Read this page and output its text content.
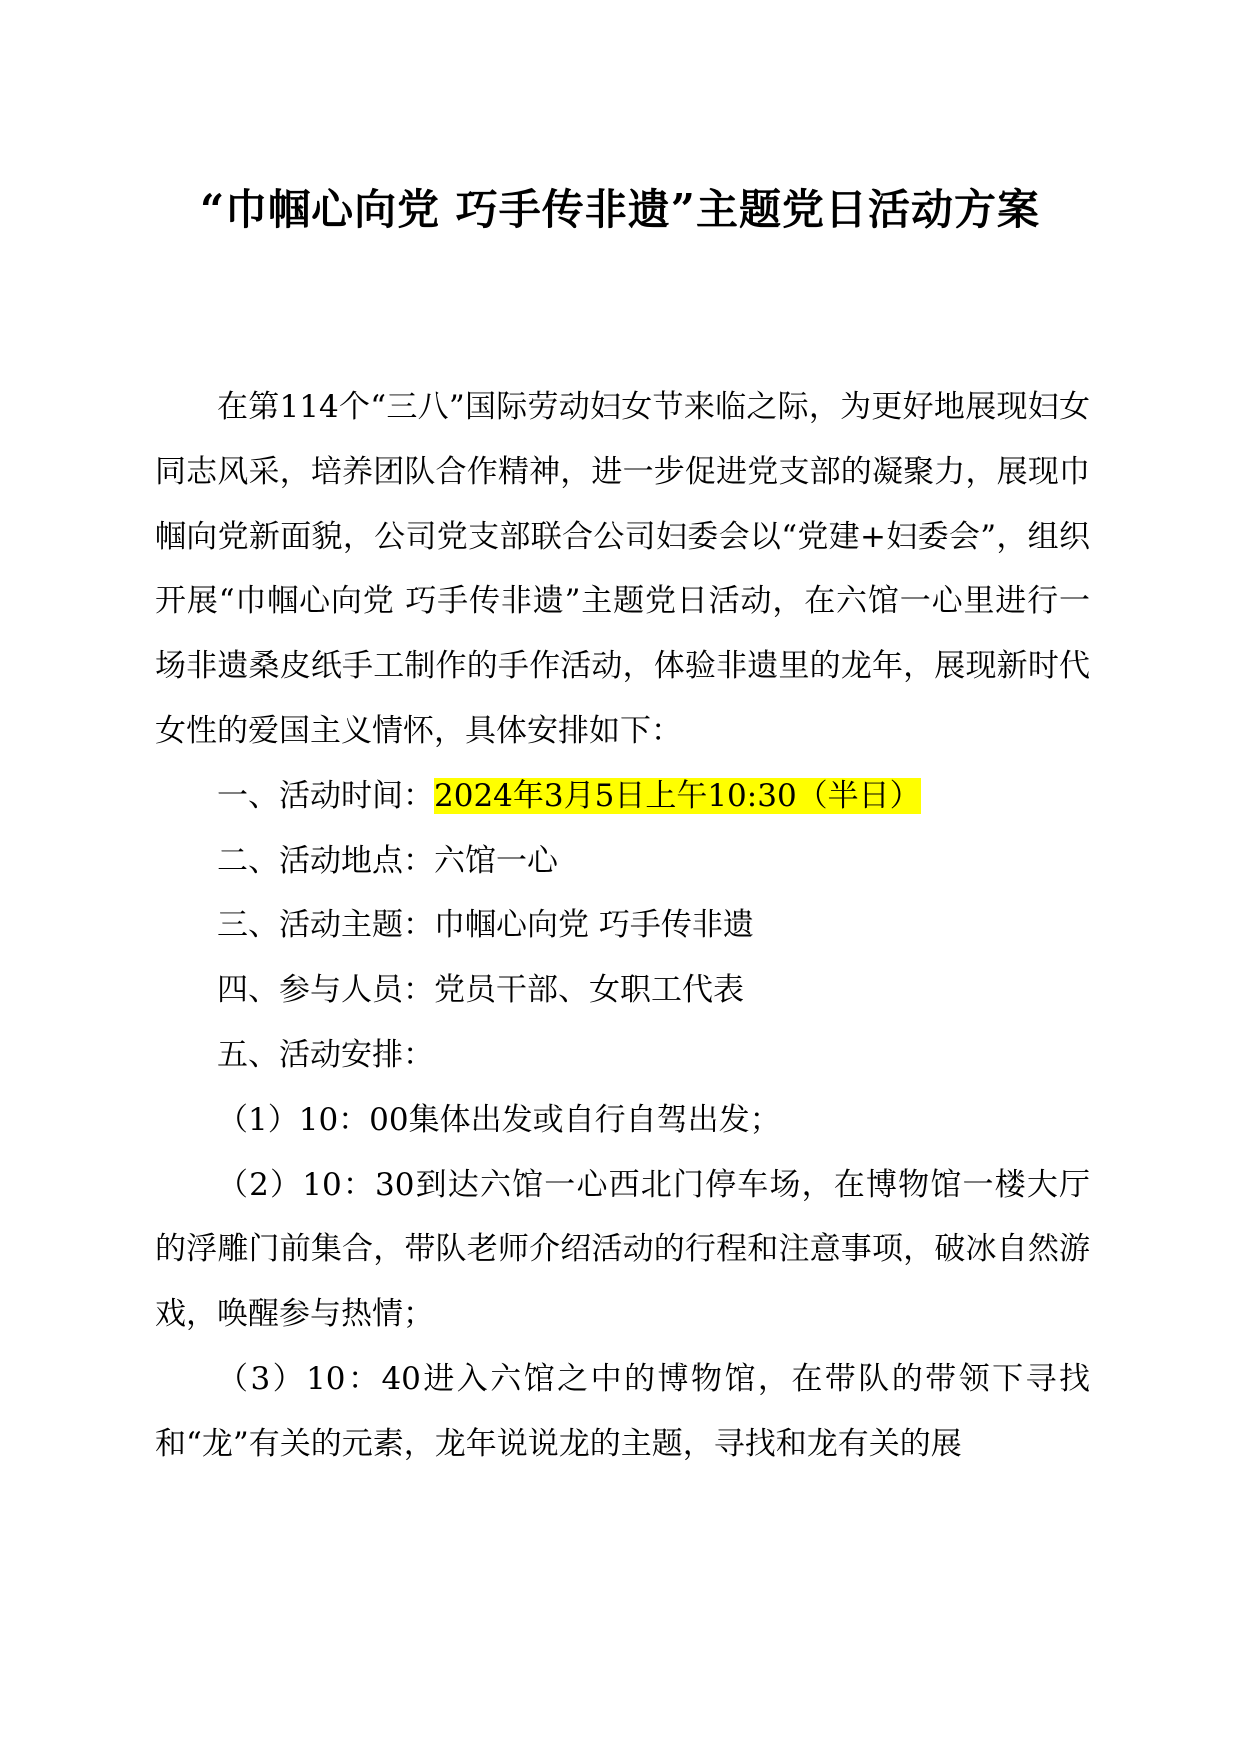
“巾帼心向党 巧手传非遗”主题党日活动方案

在第114个“三八”国际劳动妇女节来临之际，为更好地展现妇女同志风采，培养团队合作精神，进一步促进党支部的凝聚力，展现巾帼向党新面貌，公司党支部联合公司妇委会以“党建+妇委会”，组织开展“巾帼心向党 巧手传非遗”主题党日活动，在六馆一心里进行一场非遗桑皮纸手工制作的手作活动，体验非遗里的龙年，展现新时代女性的爱国主义情怀，具体安排如下：

一、活动时间：2024年3月5日上午10:30（半日）

二、活动地点：六馆一心

三、活动主题：巾帼心向党 巧手传非遗

四、参与人员：党员干部、女职工代表

五、活动安排：

（1）10：00集体出发或自行自驾出发；

（2）10：30到达六馆一心西北门停车场，在博物馆一楼大厅的浮雕门前集合，带队老师介绍活动的行程和注意事项，破冰自然游戏，唤醒参与热情；

（3）10：40进入六馆之中的博物馆，在带队的带领下寻找和“龙”有关的元素，龙年说说龙的主题，寻找和龙有关的展
